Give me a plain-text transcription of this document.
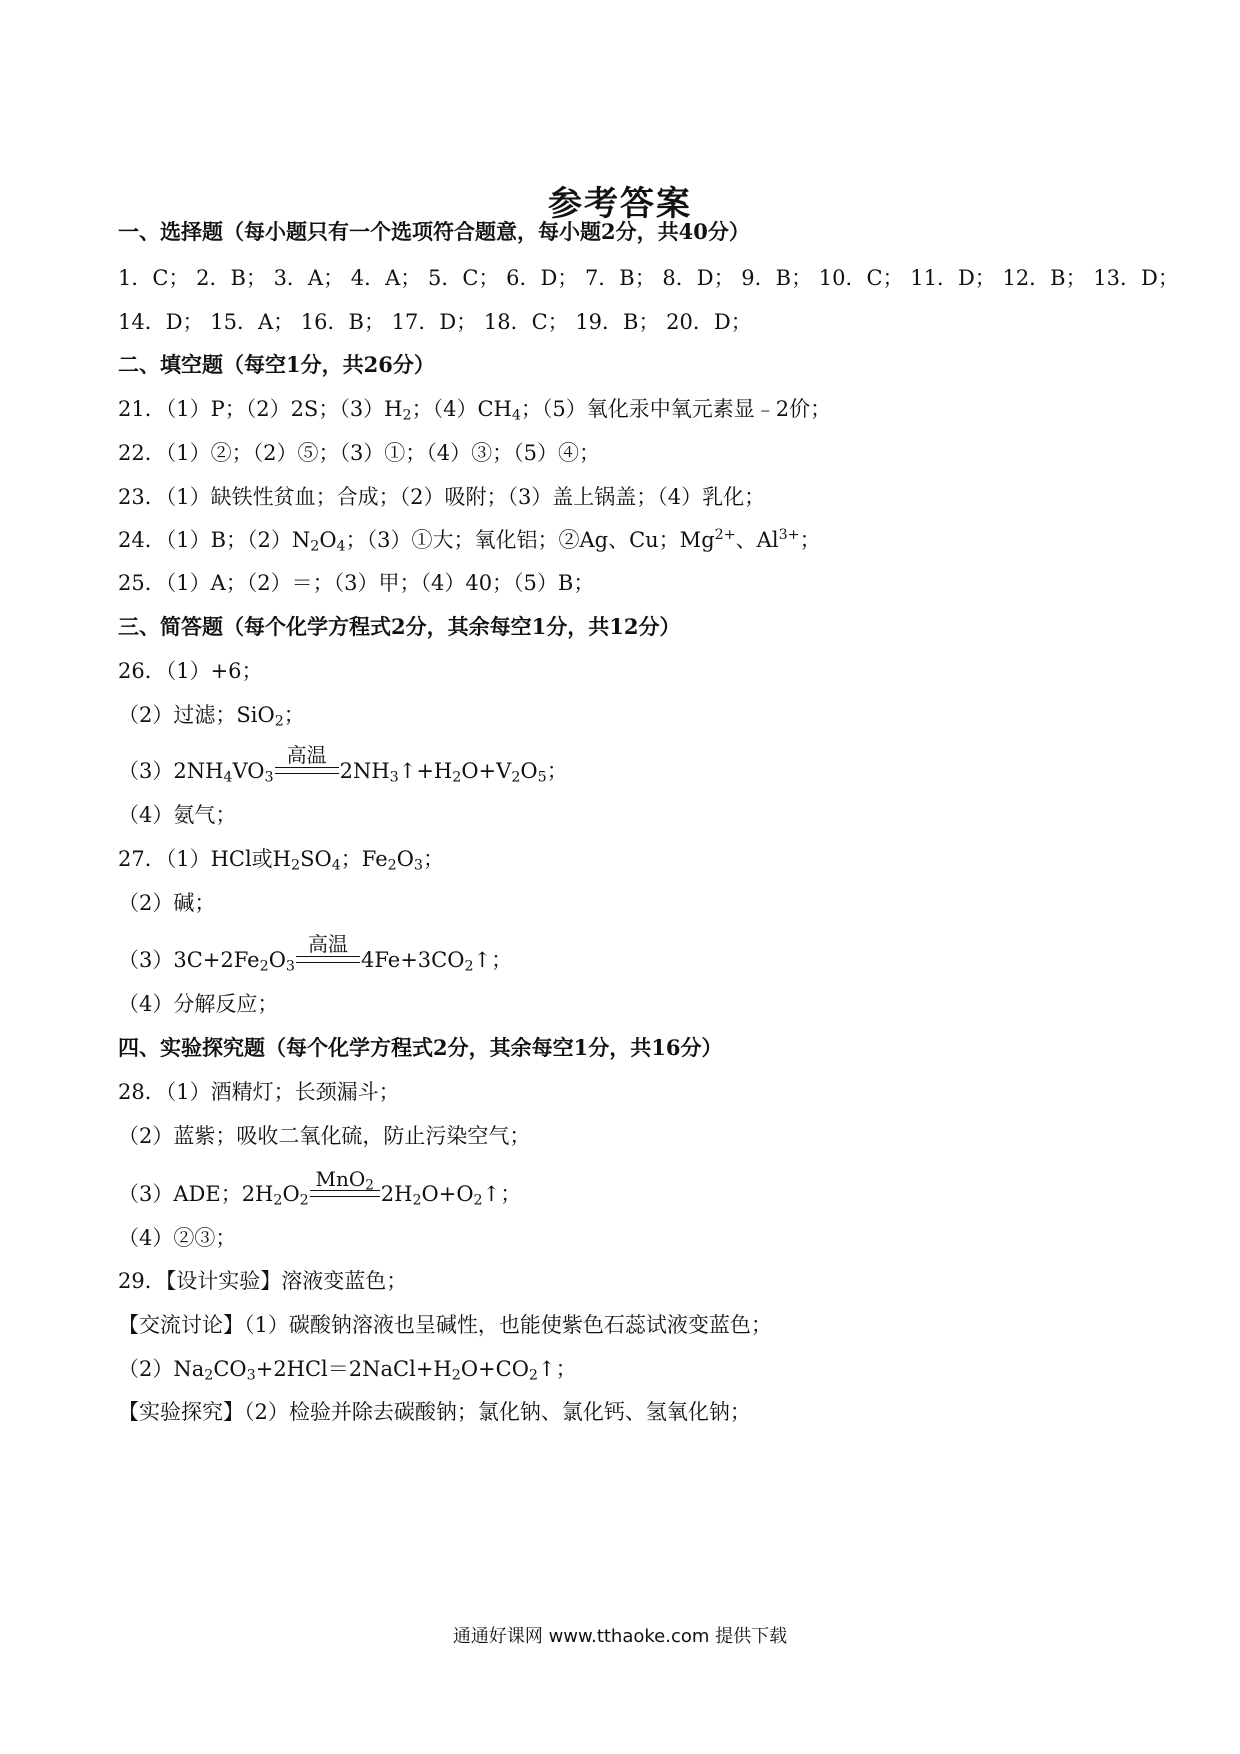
参考答案
一、选择题（每小题只有一个选项符合题意，每小题2分，共40分）
1．C； 2．B； 3．A； 4．A； 5．C； 6．D； 7．B； 8．D； 9．B； 10．C； 11．D； 12．B； 13．D；
14．D； 15．A； 16．B； 17．D； 18．C； 19．B； 20．D；
二、填空题（每空1分，共26分）
21．（1）P；（2）2S；$(3)H_2$；$(4)CH_4$；（5）氧化汞中氧元素显﹣2价；
22．（1）②；（2）⑤；（3）①；（4）③；（5）④；
23．（1）缺铁性贫血；合成；（2）吸附；（3）盖上锅盖；（4）乳化；
24．（1）B；$(2)N_2O_4$；（3）①大；氧化铝；②Ag、Cu；$Mg^{2+}$、$Al^{3+}$；
25．（1）A；（2）＝；（3）甲；（4）40；（5）B；
三、简答题（每个化学方程式2分，其余每空1分，共12分）
26．（1）+6；
（2）过滤；SiO$_2$；
$(3)2NH_4VO_3$
高温
$2NH_3↑+H_2O+V_2O_5$；
（4）氨气；
27．（1）HCl或$H_2SO_4$；$Fe_2O_3$；
（2）碱；
$(3)3C+2Fe_2O_3$
高温
$4Fe+3CO_2↑$；
（4）分解反应；
四、实验探究题（每个化学方程式2分，其余每空1分，共16分）
28．（1）酒精灯；长颈漏斗；
（2）蓝紫；吸收二氧化硫，防止污染空气；
（3）ADE；$2H_2O_2$
MnO$_2$ $2H_2O+O_2↑$；
（4）②③；
29．【设计实验】溶液变蓝色；
【交流讨论】（1）碳酸钠溶液也呈碱性，也能使紫色石蕊试液变蓝色；
$(2)Na_2CO_3+2HCl=2NaCl+H_2O+CO_2↑$；
【实验探究】（2）检验并除去碳酸钠；氯化钠、氯化钙、氢氧化钠；
通通好课网 www.tthaoke.com 提供下载
